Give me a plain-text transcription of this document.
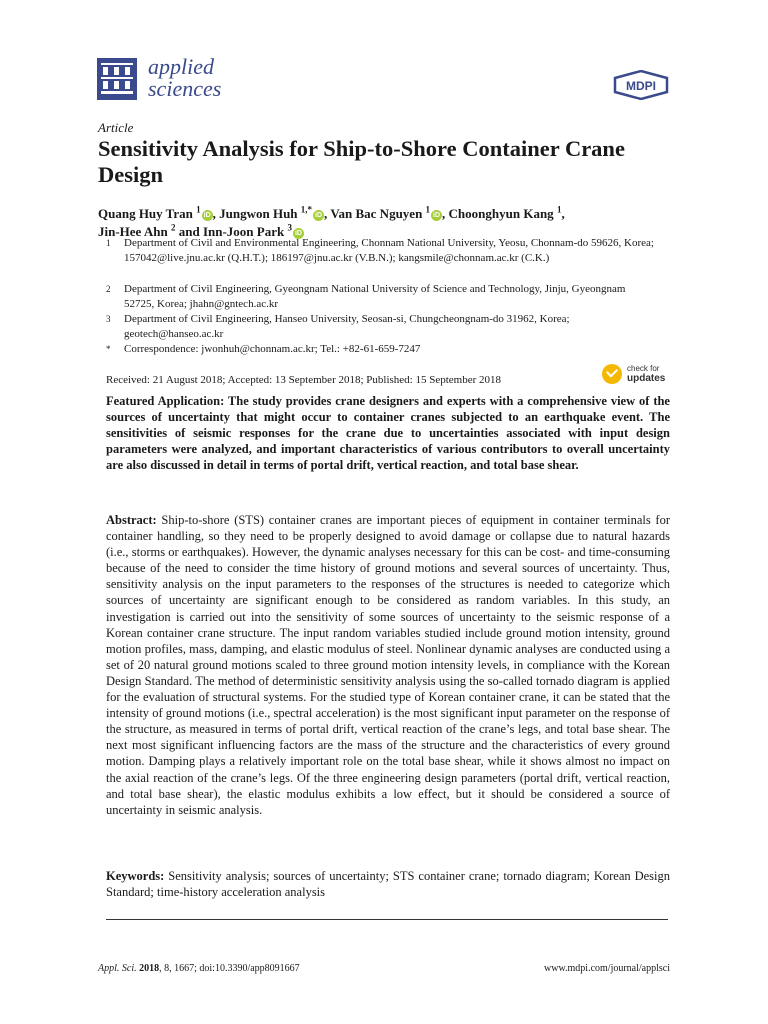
applied
sciences	MDPI
Article
Sensitivity Analysis for Ship-to-Shore Container Crane Design
Quang Huy Tran $^1$iD , Jungwon Huh $^{1,*}$iD , Van Bac Nguyen $^1$iD , Choonghyun Kang $^1$,
Jin-Hee Ahn $^2$ and Inn-Joon Park $^3$iD
1 Department of Civil and Environmental Engineering, Chonnam National University, Yeosu, Chonnam-do 59626, Korea; 157042@live.jnu.ac.kr (Q.H.T.); 186197@jnu.ac.kr (V.B.N.); kangsmile@chonnam.ac.kr (C.K.)
2 Department of Civil Engineering, Gyeongnam National University of Science and Technology, Jinju, Gyeongnam 52725, Korea; jhahn@gntech.ac.kr
3 Department of Civil Engineering, Hanseo University, Seosan-si, Chungcheongnam-do 31962, Korea; geotech@hanseo.ac.kr
* Correspondence: jwonhuh@chonnam.ac.kr; Tel.: +82-61-659-7247
check for
updates
Received: 21 August 2018; Accepted: 13 September 2018; Published: 15 September 2018
Featured Application: The study provides crane designers and experts with a comprehensive view of the sources of uncertainty that might occur to container cranes subjected to an earthquake event. The sensitivities of seismic responses for the crane due to uncertainties associated with input design parameters were analyzed, and important characteristics of various contributors to overall uncertainty are also discussed in detail in terms of portal drift, vertical reaction, and total base shear.
Abstract: Ship-to-shore (STS) container cranes are important pieces of equipment in container terminals for container handling, so they need to be properly designed to avoid damage or collapse due to natural hazards (i.e., storms or earthquakes). However, the dynamic analyses necessary for this can be cost- and time-consuming because of the need to consider the time history of ground motions and several sources of uncertainty. Thus, sensitivity analysis on the input parameters to the responses of the structures is needed to categorize which sources of uncertainty are significant enough to be considered as random variables. In this study, an investigation is carried out into the sensitivity of some sources of uncertainty to the seismic response of a Korean container crane structure. The input random variables studied include ground motion intensity, ground motion profiles, mass, damping, and elastic modulus of steel. Nonlinear dynamic analyses are conducted using a set of 20 natural ground motions scaled to three ground motion intensity levels, in compliance with the Korean Design Standard. The method of deterministic sensitivity analysis using the so-called tornado diagram is applied for the evaluation of structural systems. For the studied type of Korean container crane, it can be stated that the intensity of ground motions (i.e., spectral acceleration) is the most significant input parameter on the response of the structure, as measured in terms of portal drift, vertical reaction of the crane’s legs, and total base shear. The next most significant influencing factors are the mass of the structure and the characteristics of every ground motion. Damping plays a relatively important role on the total base shear, while it shows almost no impact on the axial reaction of the crane’s legs. Of the three engineering design parameters (portal drift, vertical reaction, and total base shear), the elastic modulus exhibits a low effect, but it should be considered a source of uncertainty in seismic analysis.
Keywords: Sensitivity analysis; sources of uncertainty; STS container crane; tornado diagram; Korean Design Standard; time-history acceleration analysis
Appl. Sci. 2018, 8, 1667; doi:10.3390/app8091667	www.mdpi.com/journal/applsci
